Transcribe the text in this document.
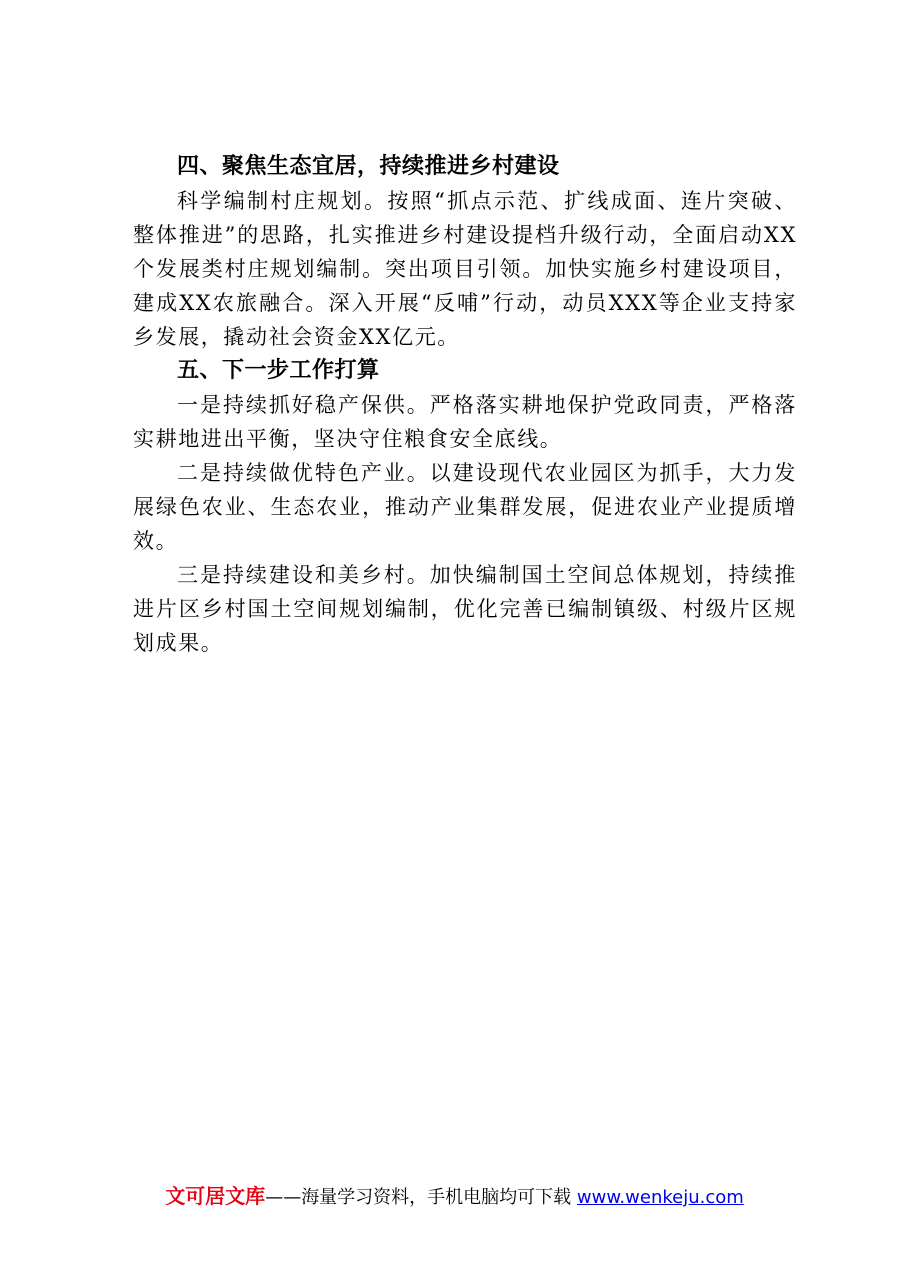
四、聚焦生态宜居，持续推进乡村建设

科学编制村庄规划。按照“抓点示范、扩线成面、连片突破、整体推进”的思路，扎实推进乡村建设提档升级行动，全面启动XX个发展类村庄规划编制。突出项目引领。加快实施乡村建设项目，建成XX农旅融合。深入开展“反哺”行动，动员XXX等企业支持家乡发展，撬动社会资金XX亿元。

五、下一步工作打算

一是持续抓好稳产保供。严格落实耕地保护党政同责，严格落实耕地进出平衡，坚决守住粮食安全底线。

二是持续做优特色产业。以建设现代农业园区为抓手，大力发展绿色农业、生态农业，推动产业集群发展，促进农业产业提质增效。

三是持续建设和美乡村。加快编制国土空间总体规划，持续推进片区乡村国土空间规划编制，优化完善已编制镇级、村级片区规划成果。

文可居文库——海量学习资料，手机电脑均可下载 www.wenkeju.com
